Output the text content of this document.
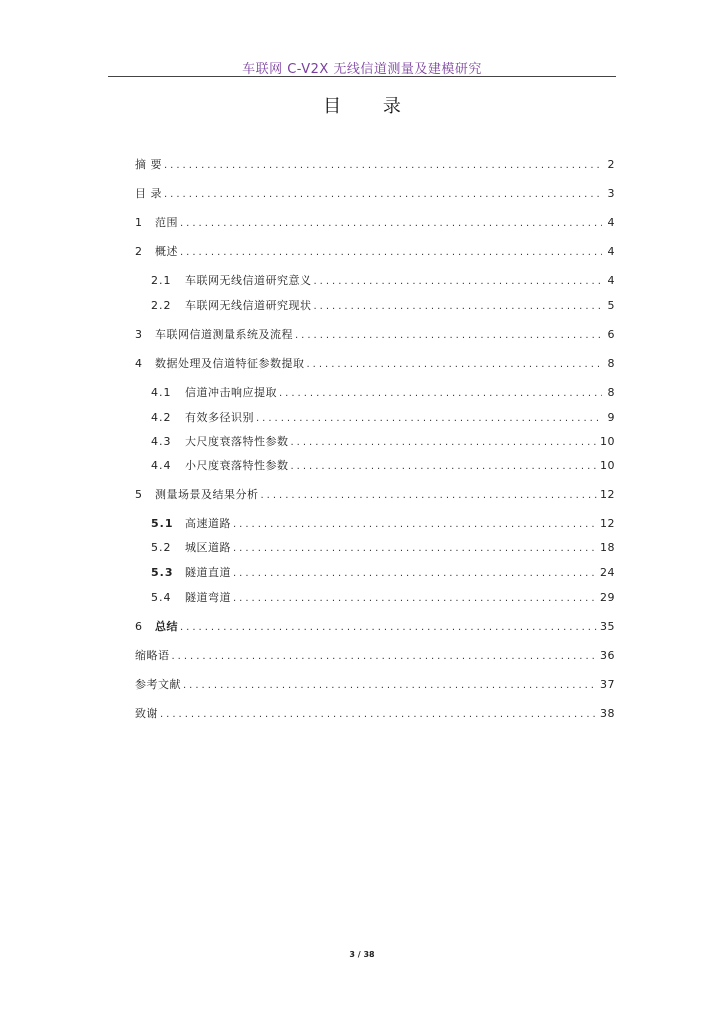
车联网 C-V2X 无线信道测量及建模研究
目 录
摘 要 .....	2
目 录 .....	3
1	范围 .....	4
2	概述 .....	4
2.1	车联网无线信道研究意义 .....	4
2.2	车联网无线信道研究现状 .....	5
3	车联网信道测量系统及流程 .....	6
4	数据处理及信道特征参数提取 .....	8
4.1	信道冲击响应提取 .....	8
4.2	有效多径识别 .....	9
4.3	大尺度衰落特性参数 .....	10
4.4	小尺度衰落特性参数 .....	10
5	测量场景及结果分析 .....	12
5.1	高速道路 .....	12
5.2	城区道路 .....	18
5.3	隧道直道 .....	24
5.4	隧道弯道 .....	29
6	总结 .....	35
缩略语 .....	36
参考文献 .....	37
致谢 .....	38
3 / 38
